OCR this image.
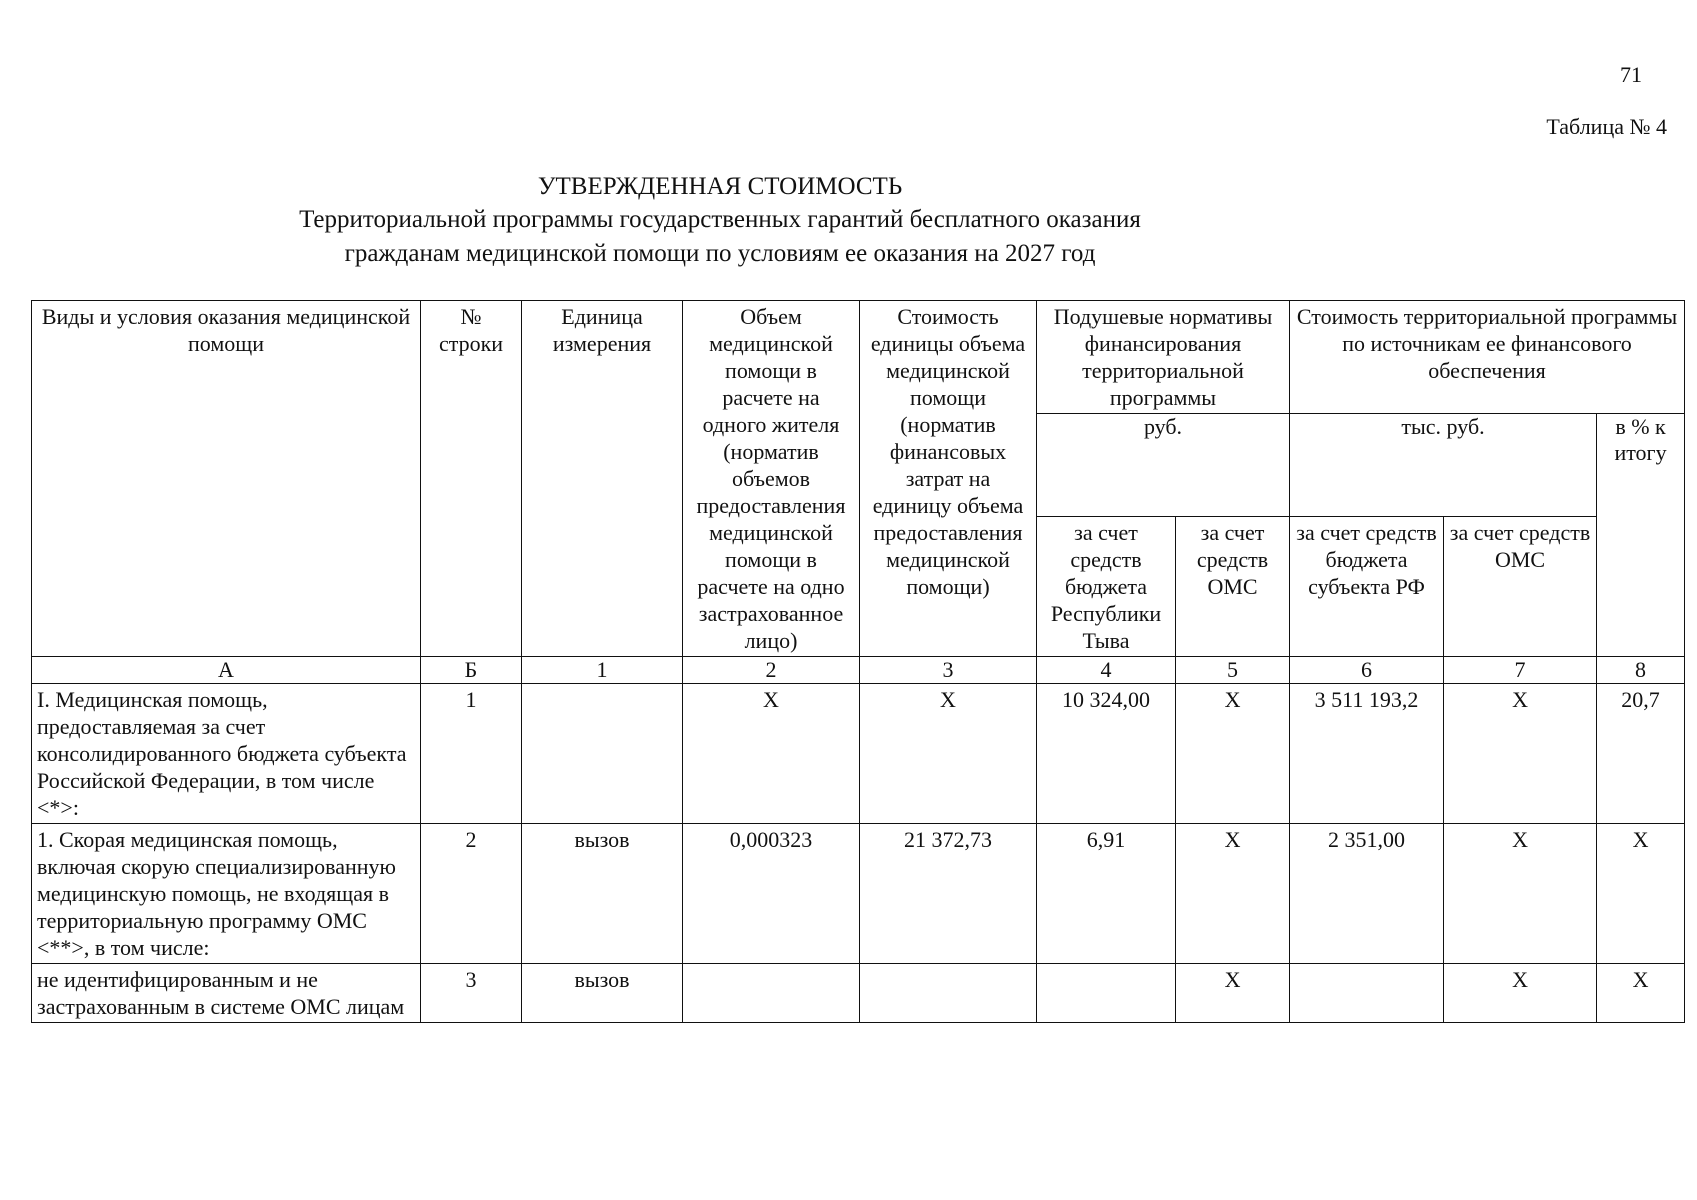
71
Таблица № 4
УТВЕРЖДЕННАЯ СТОИМОСТЬ
Территориальной программы государственных гарантий бесплатного оказания
гражданам медицинской помощи по условиям ее оказания на 2027 год
Виды и условия оказания медицинской помощи	№ строки	Единица измерения	Объем медицинской помощи в расчете на одного жителя (норматив объемов предоставления медицинской помощи в расчете на одно застрахованное лицо)	Стоимость единицы объема медицинской помощи (норматив финансовых затрат на единицу объема предоставления медицинской помощи)	Подушевые нормативы финансирования территориальной программы		Стоимость территориальной программы по источникам ее финансового обеспечения		
					руб.		тыс. руб.		в % к итогу
					за счет средств бюджета Республики Тыва	за счет средств ОМС	за счет средств бюджета субъекта РФ	за счет средств ОМС	
А	Б	1	2	3	4	5	6	7	8
I. Медицинская помощь, предоставляемая за счет консолидированного бюджета субъекта Российской Федерации, в том числе <*>:	1		X	X	10 324,00	X	3 511 193,2	X	20,7
1. Скорая медицинская помощь, включая скорую специализированную медицинскую помощь, не входящая в территориальную программу ОМС <**>, в том числе:	2	вызов	0,000323	21 372,73	6,91	X	2 351,00	X	X
не идентифицированным и не застрахованным в системе ОМС лицам	3	вызов				X		X	X
